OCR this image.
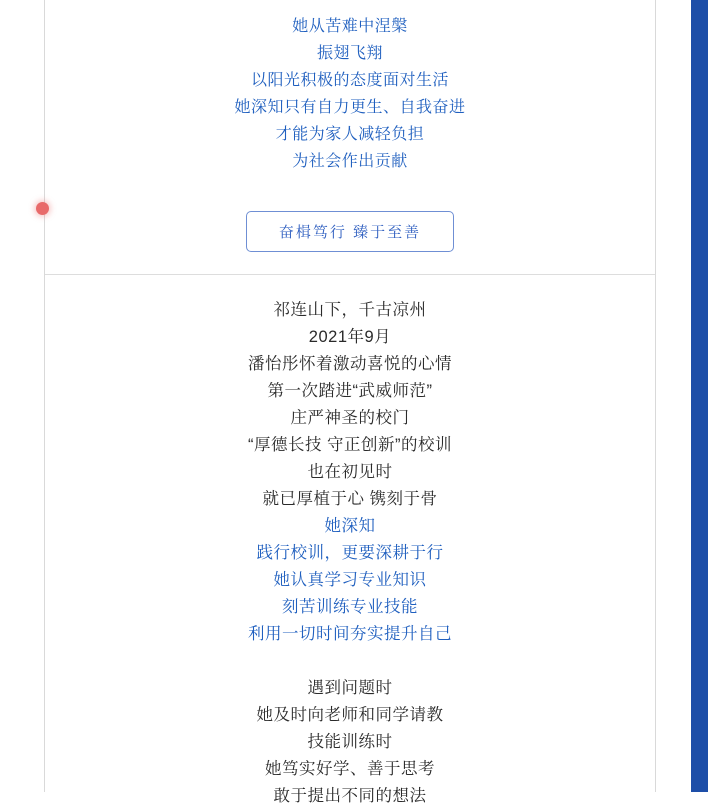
她从苦难中涅槃
振翅飞翔
以阳光积极的态度面对生活
她深知只有自力更生、自我奋进
才能为家人减轻负担
为社会作出贡献
奋楫笃行 臻于至善
祁连山下，千古凉州
2021年9月
潘怡彤怀着激动喜悦的心情
第一次踏进“武威师范”
庄严神圣的校门
“厚德长技 守正创新”的校训
也在初见时
就已厚植于心 镌刻于骨
她深知
践行校训，更要深耕于行
她认真学习专业知识
刻苦训练专业技能
利用一切时间夯实提升自己
遇到问题时
她及时向老师和同学请教
技能训练时
她笃实好学、善于思考
敢于提出不同的想法
